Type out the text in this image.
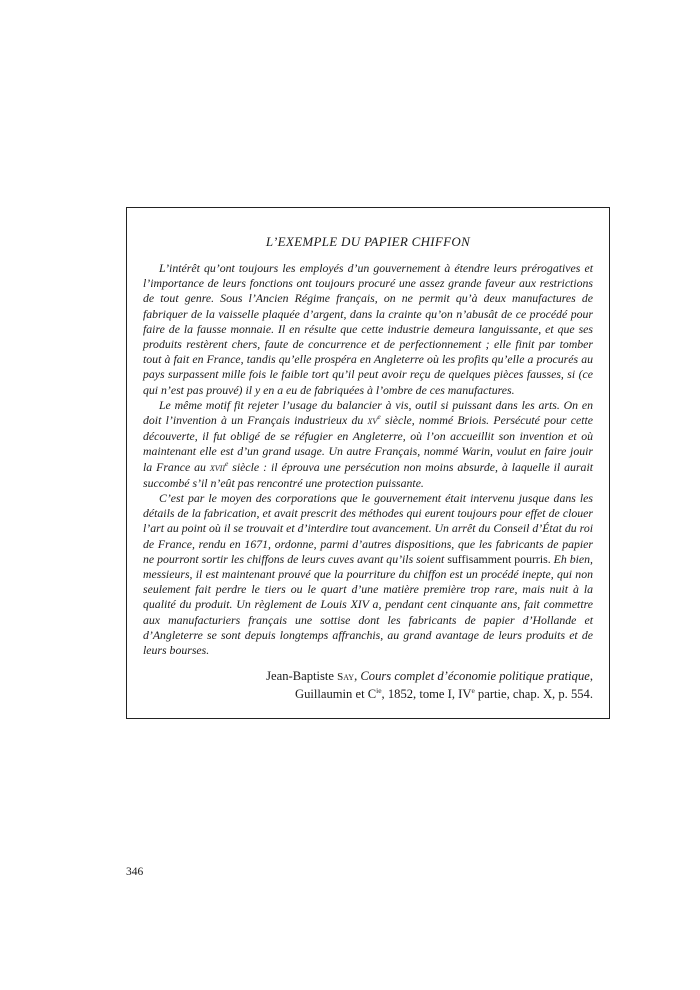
L’EXEMPLE DU PAPIER CHIFFON

L’intérêt qu’ont toujours les employés d’un gouvernement à étendre leurs prérogatives et l’importance de leurs fonctions ont toujours procuré une assez grande faveur aux restrictions de tout genre. Sous l’Ancien Régime français, on ne permit qu’à deux manufactures de fabriquer de la vaisselle plaquée d’argent, dans la crainte qu’on n’abusât de ce procédé pour faire de la fausse monnaie. Il en résulte que cette industrie demeura languissante, et que ses produits restèrent chers, faute de concurrence et de perfectionnement ; elle finit par tomber tout à fait en France, tandis qu’elle prospéra en Angleterre où les profits qu’elle a procurés au pays surpassent mille fois le faible tort qu’il peut avoir reçu de quelques pièces fausses, si (ce qui n’est pas prouvé) il y en a eu de fabriquées à l’ombre de ces manufactures.

Le même motif fit rejeter l’usage du balancier à vis, outil si puissant dans les arts. On en doit l’invention à un Français industrieux du $xv^e$ siècle, nommé Briois. Persécuté pour cette découverte, il fut obligé de se réfugier en Angleterre, où l’on accueillit son invention et où maintenant elle est d’un grand usage. Un autre Français, nommé Warin, voulut en faire jouir la France au xvii$^e$ siècle : il éprouva une persécution non moins absurde, à laquelle il aurait succombé s’il n’eût pas rencontré une protection puissante.

C’est par le moyen des corporations que le gouvernement était intervenu jusque dans les détails de la fabrication, et avait prescrit des méthodes qui eurent toujours pour effet de clouer l’art au point où il se trouvait et d’interdire tout avancement. Un arrêt du Conseil d’État du roi de France, rendu en 1671, ordonne, parmi d’autres dispositions, que les fabricants de papier ne pourront sortir les chiffons de leurs cuves avant qu’ils soient suffisamment pourris. Eh bien, messieurs, il est maintenant prouvé que la pourriture du chiffon est un procédé inepte, qui non seulement fait perdre le tiers ou le quart d’une matière première trop rare, mais nuit à la qualité du produit. Un règlement de Louis XIV a, pendant cent cinquante ans, fait commettre aux manufacturiers français une sottise dont les fabricants de papier d’Hollande et d’Angleterre se sont depuis longtemps affranchis, au grand avantage de leurs produits et de leurs bourses.

Jean-Baptiste Say, Cours complet d’économie politique pratique,
Guillaumin et $C^{ie}$, 1852, tome I, IVe partie, chap. X, p. 554.
346
